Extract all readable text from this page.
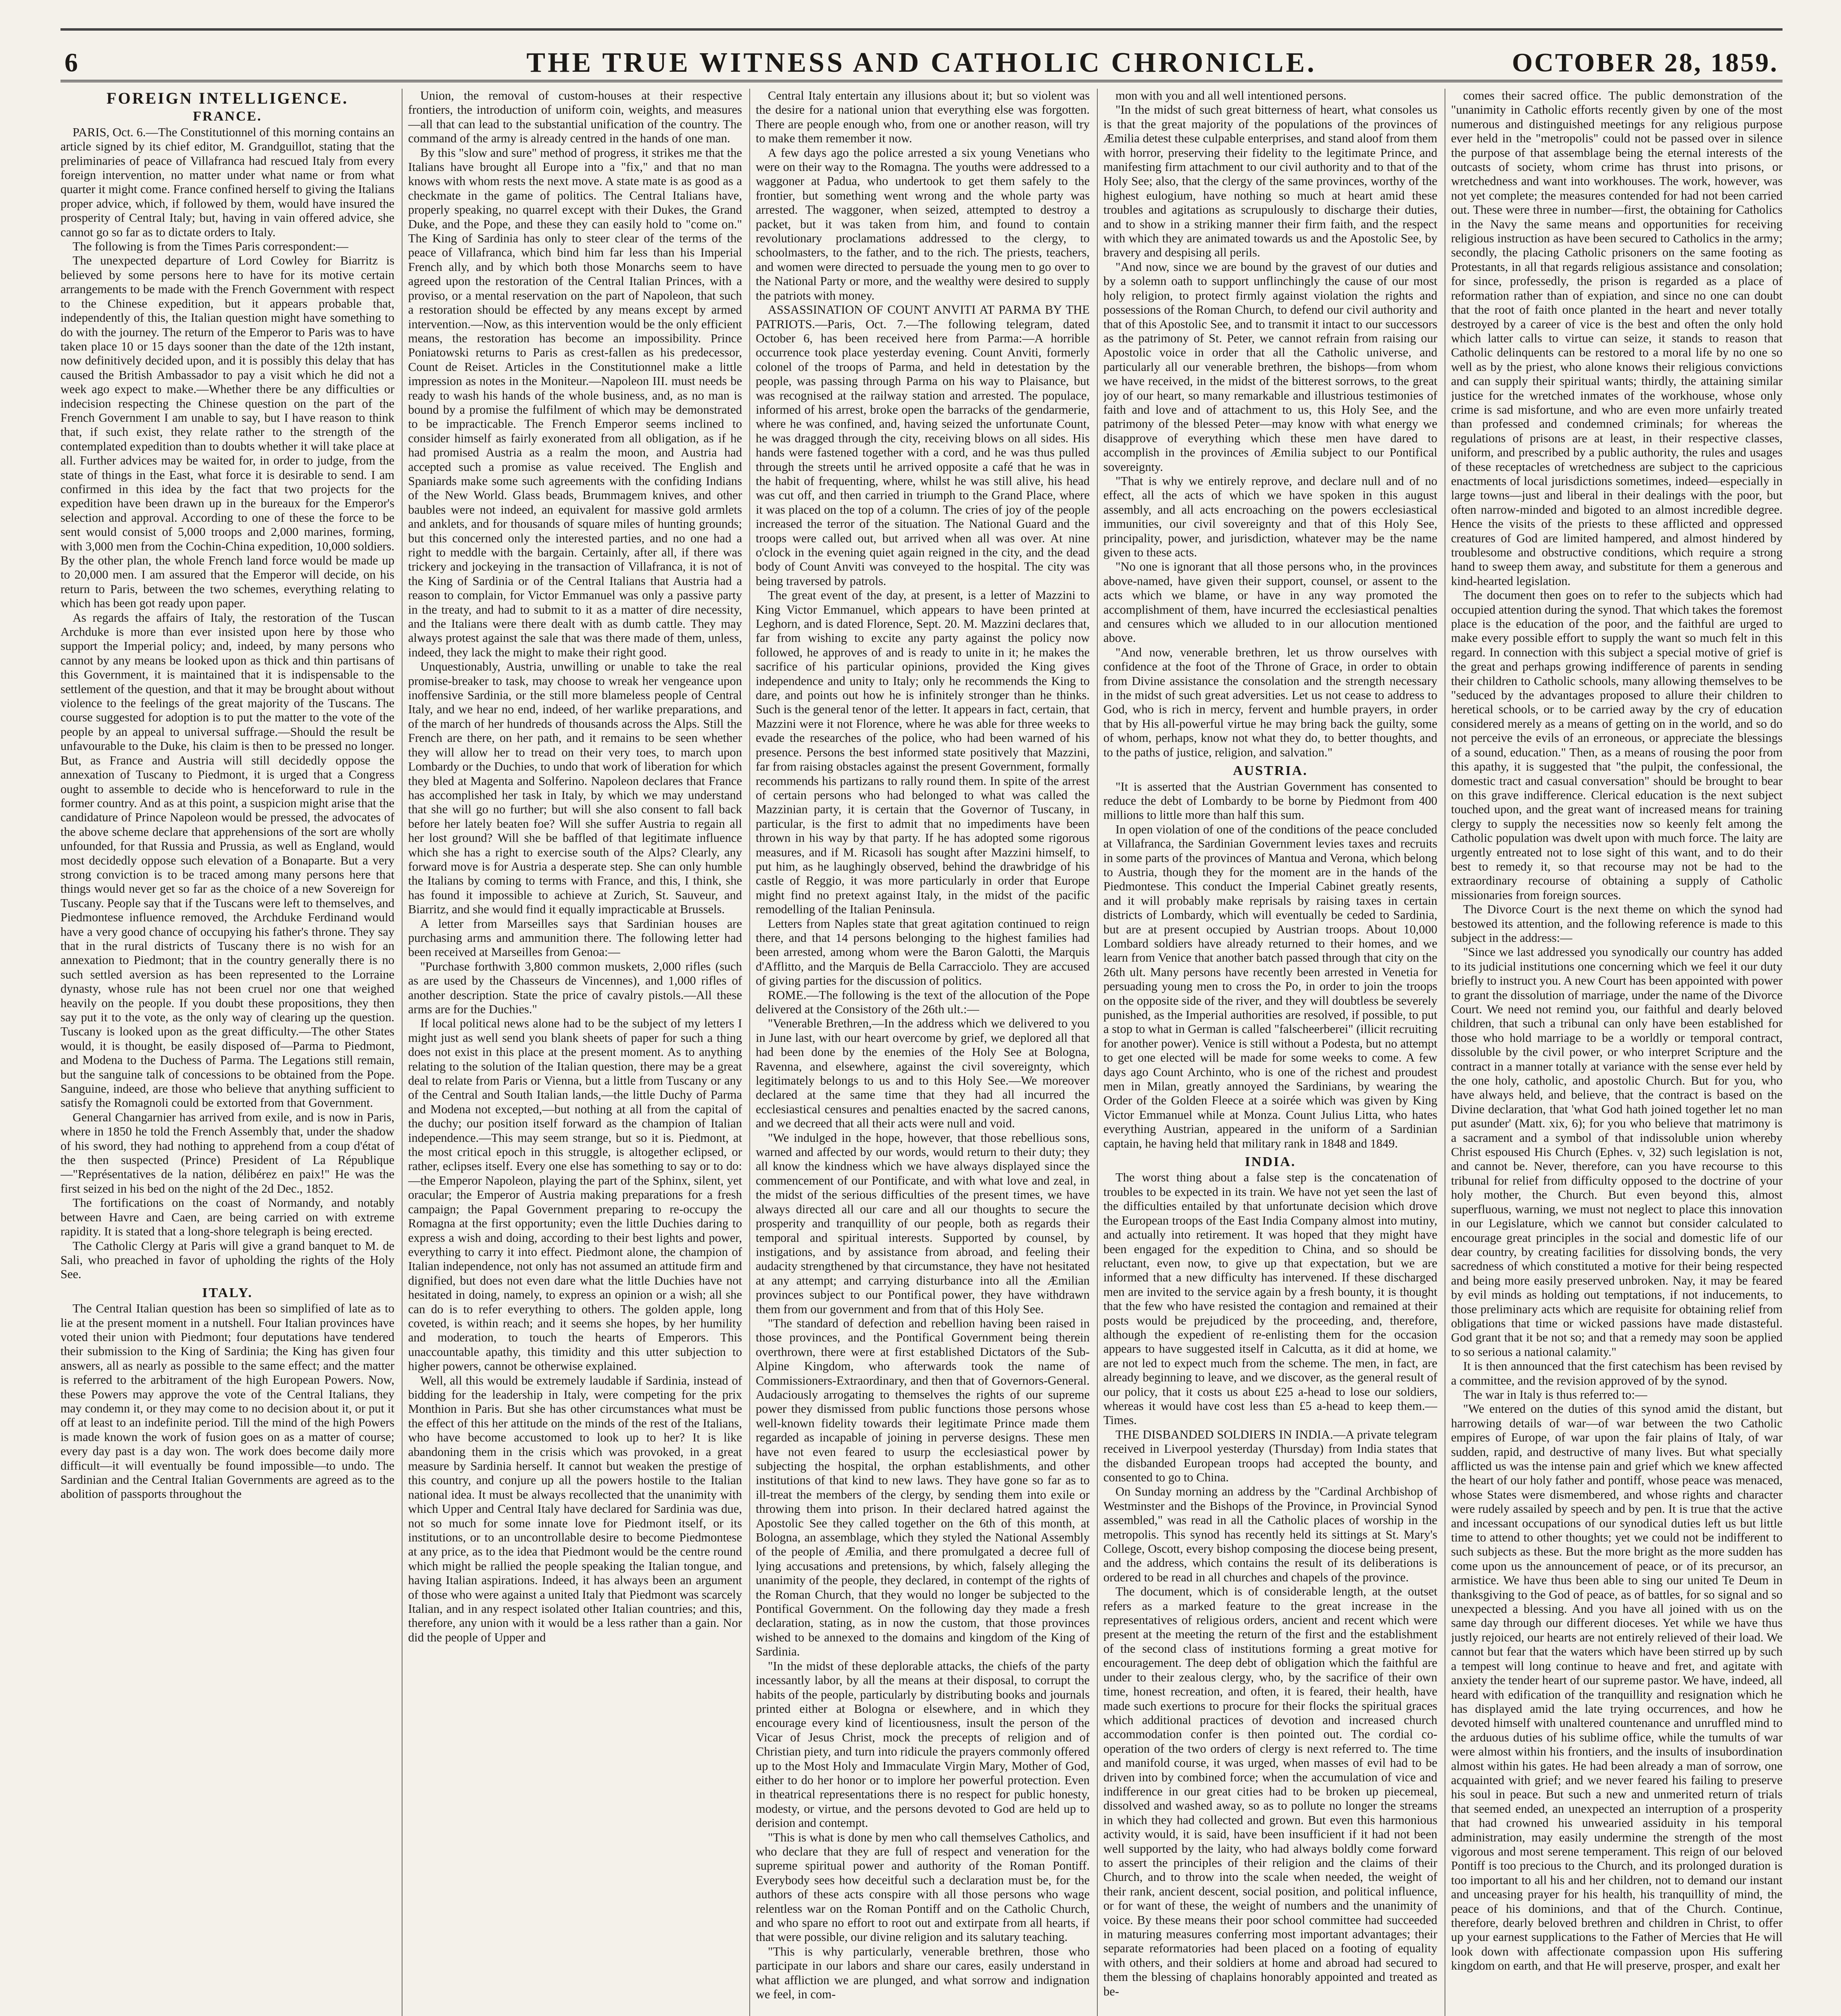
6	THE TRUE WITNESS AND CATHOLIC CHRONICLE.	OCTOBER 28, 1859.
FOREIGN INTELLIGENCE.
FRANCE.

PARIS, Oct. 6.—The Constitutionnel of this morning contains an article signed by its chief editor, M. Grandguillot, stating that the preliminaries of peace of Villafranca had rescued Italy from every foreign intervention, no matter under what name or from what quarter it might come. France confined herself to giving the Italians proper advice, which, if followed by them, would have insured the prosperity of Central Italy; but, having in vain offered advice, she cannot go so far as to dictate orders to Italy.

The following is from the Times Paris correspondent:—

The unexpected departure of Lord Cowley for Biarritz is believed by some persons here to have for its motive certain arrangements to be made with the French Government with respect to the Chinese expedition, but it appears probable that, independently of this, the Italian question might have something to do with the journey. The return of the Emperor to Paris was to have taken place 10 or 15 days sooner than the date of the 12th instant, now definitively decided upon, and it is possibly this delay that has caused the British Ambassador to pay a visit which he did not a week ago expect to make.—Whether there be any difficulties or indecision respecting the Chinese question on the part of the French Government I am unable to say, but I have reason to think that, if such exist, they relate rather to the strength of the contemplated expedition than to doubts whether it will take place at all. Further advices may be waited for, in order to judge, from the state of things in the East, what force it is desirable to send. I am confirmed in this idea by the fact that two projects for the expedition have been drawn up in the bureaux for the Emperor's selection and approval. According to one of these the force to be sent would consist of 5,000 troops and 2,000 marines, forming, with 3,000 men from the Cochin-China expedition, 10,000 soldiers. By the other plan, the whole French land force would be made up to 20,000 men. I am assured that the Emperor will decide, on his return to Paris, between the two schemes, everything relating to which has been got ready upon paper.

As regards the affairs of Italy, the restoration of the Tuscan Archduke is more than ever insisted upon here by those who support the Imperial policy; and, indeed, by many persons who cannot by any means be looked upon as thick and thin partisans of this Government, it is maintained that it is indispensable to the settlement of the question, and that it may be brought about without violence to the feelings of the great majority of the Tuscans. The course suggested for adoption is to put the matter to the vote of the people by an appeal to universal suffrage.—Should the result be unfavourable to the Duke, his claim is then to be pressed no longer. But, as France and Austria will still decidedly oppose the annexation of Tuscany to Piedmont, it is urged that a Congress ought to assemble to decide who is henceforward to rule in the former country. And as at this point, a suspicion might arise that the candidature of Prince Napoleon would be pressed, the advocates of the above scheme declare that apprehensions of the sort are wholly unfounded, for that Russia and Prussia, as well as England, would most decidedly oppose such elevation of a Bonaparte. But a very strong conviction is to be traced among many persons here that things would never get so far as the choice of a new Sovereign for Tuscany. People say that if the Tuscans were left to themselves, and Piedmontese influence removed, the Archduke Ferdinand would have a very good chance of occupying his father's throne. They say that in the rural districts of Tuscany there is no wish for an annexation to Piedmont; that in the country generally there is no such settled aversion as has been represented to the Lorraine dynasty, whose rule has not been cruel nor one that weighed heavily on the people. If you doubt these propositions, they then say put it to the vote, as the only way of clearing up the question. Tuscany is looked upon as the great difficulty.—The other States would, it is thought, be easily disposed of—Parma to Piedmont, and Modena to the Duchess of Parma. The Legations still remain, but the sanguine talk of concessions to be obtained from the Pope. Sanguine, indeed, are those who believe that anything sufficient to satisfy the Romagnoli could be extorted from that Government.

General Changarnier has arrived from exile, and is now in Paris, where in 1850 he told the French Assembly that, under the shadow of his sword, they had nothing to apprehend from a coup d'état of the then suspected (Prince) President of La République—"Représentatives de la nation, délibérez en paix!" He was the first seized in his bed on the night of the 2d Dec., 1852.

The fortifications on the coast of Normandy, and notably between Havre and Caen, are being carried on with extreme rapidity. It is stated that a long-shore telegraph is being erected.

The Catholic Clergy at Paris will give a grand banquet to M. de Sali, who preached in favor of upholding the rights of the Holy See.

ITALY.

The Central Italian question has been so simplified of late as to lie at the present moment in a nutshell. Four Italian provinces have voted their union with Piedmont; four deputations have tendered their submission to the King of Sardinia; the King has given four answers, all as nearly as possible to the same effect; and the matter is referred to the arbitrament of the high European Powers. Now, these Powers may approve the vote of the Central Italians, they may condemn it, or they may come to no decision about it, or put it off at least to an indefinite period. Till the mind of the high Powers is made known the work of fusion goes on as a matter of course; every day past is a day won. The work does become daily more difficult—it will eventually be found impossible—to undo. The Sardinian and the Central Italian Governments are agreed as to the abolition of passports throughout the

Union, the removal of custom-houses at their respective frontiers, the introduction of uniform coin, weights, and measures—all that can lead to the substantial unification of the country. The command of the army is already centred in the hands of one man.

By this "slow and sure" method of progress, it strikes me that the Italians have brought all Europe into a "fix," and that no man knows with whom rests the next move. A state mate is as good as a checkmate in the game of politics. The Central Italians have, properly speaking, no quarrel except with their Dukes, the Grand Duke, and the Pope, and these they can easily hold to "come on." The King of Sardinia has only to steer clear of the terms of the peace of Villafranca, which bind him far less than his Imperial French ally, and by which both those Monarchs seem to have agreed upon the restoration of the Central Italian Princes, with a proviso, or a mental reservation on the part of Napoleon, that such a restoration should be effected by any means except by armed intervention.—Now, as this intervention would be the only efficient means, the restoration has become an impossibility. Prince Poniatowski returns to Paris as crest-fallen as his predecessor, Count de Reiset. Articles in the Constitutionnel make a little impression as notes in the Moniteur.—Napoleon III. must needs be ready to wash his hands of the whole business, and, as no man is bound by a promise the fulfilment of which may be demonstrated to be impracticable. The French Emperor seems inclined to consider himself as fairly exonerated from all obligation, as if he had promised Austria as a realm the moon, and Austria had accepted such a promise as value received. The English and Spaniards make some such agreements with the confiding Indians of the New World. Glass beads, Brummagem knives, and other baubles were not indeed, an equivalent for massive gold armlets and anklets, and for thousands of square miles of hunting grounds; but this concerned only the interested parties, and no one had a right to meddle with the bargain. Certainly, after all, if there was trickery and jockeying in the transaction of Villafranca, it is not of the King of Sardinia or of the Central Italians that Austria had a reason to complain, for Victor Emmanuel was only a passive party in the treaty, and had to submit to it as a matter of dire necessity, and the Italians were there dealt with as dumb cattle. They may always protest against the sale that was there made of them, unless, indeed, they lack the might to make their right good.

Unquestionably, Austria, unwilling or unable to take the real promise-breaker to task, may choose to wreak her vengeance upon inoffensive Sardinia, or the still more blameless people of Central Italy, and we hear no end, indeed, of her warlike preparations, and of the march of her hundreds of thousands across the Alps. Still the French are there, on her path, and it remains to be seen whether they will allow her to tread on their very toes, to march upon Lombardy or the Duchies, to undo that work of liberation for which they bled at Magenta and Solferino. Napoleon declares that France has accomplished her task in Italy, by which we may understand that she will go no further; but will she also consent to fall back before her lately beaten foe? Will she suffer Austria to regain all her lost ground? Will she be baffled of that legitimate influence which she has a right to exercise south of the Alps? Clearly, any forward move is for Austria a desperate step. She can only humble the Italians by coming to terms with France, and this, I think, she has found it impossible to achieve at Zurich, St. Sauveur, and Biarritz, and she would find it equally impracticable at Brussels.

A letter from Marseilles says that Sardinian houses are purchasing arms and ammunition there. The following letter had been received at Marseilles from Genoa:—

"Purchase forthwith 3,800 common muskets, 2,000 rifles (such as are used by the Chasseurs de Vincennes), and 1,000 rifles of another description. State the price of cavalry pistols.—All these arms are for the Duchies."

If local political news alone had to be the subject of my letters I might just as well send you blank sheets of paper for such a thing does not exist in this place at the present moment. As to anything relating to the solution of the Italian question, there may be a great deal to relate from Paris or Vienna, but a little from Tuscany or any of the Central and South Italian lands,—the little Duchy of Parma and Modena not excepted,—but nothing at all from the capital of the duchy; our position itself forward as the champion of Italian independence.—This may seem strange, but so it is. Piedmont, at the most critical epoch in this struggle, is altogether eclipsed, or rather, eclipses itself. Every one else has something to say or to do:—the Emperor Napoleon, playing the part of the Sphinx, silent, yet oracular; the Emperor of Austria making preparations for a fresh campaign; the Papal Government preparing to re-occupy the Romagna at the first opportunity; even the little Duchies daring to express a wish and doing, according to their best lights and power, everything to carry it into effect. Piedmont alone, the champion of Italian independence, not only has not assumed an attitude firm and dignified, but does not even dare what the little Duchies have not hesitated in doing, namely, to express an opinion or a wish; all she can do is to refer everything to others. The golden apple, long coveted, is within reach; and it seems she hopes, by her humility and moderation, to touch the hearts of Emperors. This unaccountable apathy, this timidity and this utter subjection to higher powers, cannot be otherwise explained.

Well, all this would be extremely laudable if Sardinia, instead of bidding for the leadership in Italy, were competing for the prix Monthion in Paris. But she has other circumstances what must be the effect of this her attitude on the minds of the rest of the Italians, who have become accustomed to look up to her? It is like abandoning them in the crisis which was provoked, in a great measure by Sardinia herself. It cannot but weaken the prestige of this country, and conjure up all the powers hostile to the Italian national idea. It must be always recollected that the unanimity with which Upper and Central Italy have declared for Sardinia was due, not so much for some innate love for Piedmont itself, or its institutions, or to an uncontrollable desire to become Piedmontese at any price, as to the idea that Piedmont would be the centre round which might be rallied the people speaking the Italian tongue, and having Italian aspirations. Indeed, it has always been an argument of those who were against a united Italy that Piedmont was scarcely Italian, and in any respect isolated other Italian countries; and this, therefore, any union with it would be a less rather than a gain. Nor did the people of Upper and

Central Italy entertain any illusions about it; but so violent was the desire for a national union that everything else was forgotten. There are people enough who, from one or another reason, will try to make them remember it now.

A few days ago the police arrested a six young Venetians who were on their way to the Romagna. The youths were addressed to a waggoner at Padua, who undertook to get them safely to the frontier, but something went wrong and the whole party was arrested. The waggoner, when seized, attempted to destroy a packet, but it was taken from him, and found to contain revolutionary proclamations addressed to the clergy, to schoolmasters, to the father, and to the rich. The priests, teachers, and women were directed to persuade the young men to go over to the National Party or more, and the wealthy were desired to supply the patriots with money.

ASSASSINATION OF COUNT ANVITI AT PARMA BY THE PATRIOTS.—Paris, Oct. 7.—The following telegram, dated October 6, has been received here from Parma:—A horrible occurrence took place yesterday evening. Count Anviti, formerly colonel of the troops of Parma, and held in detestation by the people, was passing through Parma on his way to Plaisance, but was recognised at the railway station and arrested. The populace, informed of his arrest, broke open the barracks of the gendarmerie, where he was confined, and, having seized the unfortunate Count, he was dragged through the city, receiving blows on all sides. His hands were fastened together with a cord, and he was thus pulled through the streets until he arrived opposite a café that he was in the habit of frequenting, where, whilst he was still alive, his head was cut off, and then carried in triumph to the Grand Place, where it was placed on the top of a column. The cries of joy of the people increased the terror of the situation. The National Guard and the troops were called out, but arrived when all was over. At nine o'clock in the evening quiet again reigned in the city, and the dead body of Count Anviti was conveyed to the hospital. The city was being traversed by patrols.

The great event of the day, at present, is a letter of Mazzini to King Victor Emmanuel, which appears to have been printed at Leghorn, and is dated Florence, Sept. 20. M. Mazzini declares that, far from wishing to excite any party against the policy now followed, he approves of and is ready to unite in it; he makes the sacrifice of his particular opinions, provided the King gives independence and unity to Italy; only he recommends the King to dare, and points out how he is infinitely stronger than he thinks. Such is the general tenor of the letter. It appears in fact, certain, that Mazzini were it not Florence, where he was able for three weeks to evade the researches of the police, who had been warned of his presence. Persons the best informed state positively that Mazzini, far from raising obstacles against the present Government, formally recommends his partizans to rally round them. In spite of the arrest of certain persons who had belonged to what was called the Mazzinian party, it is certain that the Governor of Tuscany, in particular, is the first to admit that no impediments have been thrown in his way by that party. If he has adopted some rigorous measures, and if M. Ricasoli has sought after Mazzini himself, to put him, as he laughingly observed, behind the drawbridge of his castle of Reggio, it was more particularly in order that Europe might find no pretext against Italy, in the midst of the pacific remodelling of the Italian Peninsula.

Letters from Naples state that great agitation continued to reign there, and that 14 persons belonging to the highest families had been arrested, among whom were the Baron Galotti, the Marquis d'Afflitto, and the Marquis de Bella Carracciolo. They are accused of giving parties for the discussion of politics.

ROME.—The following is the text of the allocution of the Pope delivered at the Consistory of the 26th ult.:—

"Venerable Brethren,—In the address which we delivered to you in June last, with our heart overcome by grief, we deplored all that had been done by the enemies of the Holy See at Bologna, Ravenna, and elsewhere, against the civil sovereignty, which legitimately belongs to us and to this Holy See.—We moreover declared at the same time that they had all incurred the ecclesiastical censures and penalties enacted by the sacred canons, and we decreed that all their acts were null and void.

"We indulged in the hope, however, that those rebellious sons, warned and affected by our words, would return to their duty; they all know the kindness which we have always displayed since the commencement of our Pontificate, and with what love and zeal, in the midst of the serious difficulties of the present times, we have always directed all our care and all our thoughts to secure the prosperity and tranquillity of our people, both as regards their temporal and spiritual interests. Supported by counsel, by instigations, and by assistance from abroad, and feeling their audacity strengthened by that circumstance, they have not hesitated at any attempt; and carrying disturbance into all the Æmilian provinces subject to our Pontifical power, they have withdrawn them from our government and from that of this Holy See.

"The standard of defection and rebellion having been raised in those provinces, and the Pontifical Government being therein overthrown, there were at first established Dictators of the Sub-Alpine Kingdom, who afterwards took the name of Commissioners-Extraordinary, and then that of Governors-General. Audaciously arrogating to themselves the rights of our supreme power they dismissed from public functions those persons whose well-known fidelity towards their legitimate Prince made them regarded as incapable of joining in perverse designs. These men have not even feared to usurp the ecclesiastical power by subjecting the hospital, the orphan establishments, and other institutions of that kind to new laws. They have gone so far as to ill-treat the members of the clergy, by sending them into exile or throwing them into prison. In their declared hatred against the Apostolic See they called together on the 6th of this month, at Bologna, an assemblage, which they styled the National Assembly of the people of Æmilia, and there promulgated a decree full of lying accusations and pretensions, by which, falsely alleging the unanimity of the people, they declared, in contempt of the rights of the Roman Church, that they would no longer be subjected to the Pontifical Government. On the following day they made a fresh declaration, stating, as in now the custom, that those provinces wished to be annexed to the domains and kingdom of the King of Sardinia.

"In the midst of these deplorable attacks, the chiefs of the party incessantly labor, by all the means at their disposal, to corrupt the habits of the people, particularly by distributing books and journals printed either at Bologna or elsewhere, and in which they encourage every kind of licentiousness, insult the person of the Vicar of Jesus Christ, mock the precepts of religion and of Christian piety, and turn into ridicule the prayers commonly offered up to the Most Holy and Immaculate Virgin Mary, Mother of God, either to do her honor or to implore her powerful protection. Even in theatrical representations there is no respect for public honesty, modesty, or virtue, and the persons devoted to God are held up to derision and contempt.

"This is what is done by men who call themselves Catholics, and who declare that they are full of respect and veneration for the supreme spiritual power and authority of the Roman Pontiff. Everybody sees how deceitful such a declaration must be, for the authors of these acts conspire with all those persons who wage relentless war on the Roman Pontiff and on the Catholic Church, and who spare no effort to root out and extirpate from all hearts, if that were possible, our divine religion and its salutary teaching.

"This is why particularly, venerable brethren, those who participate in our labors and share our cares, easily understand in what affliction we are plunged, and what sorrow and indignation we feel, in com-

mon with you and all well intentioned persons.

"In the midst of such great bitterness of heart, what consoles us is that the great majority of the populations of the provinces of Æmilia detest these culpable enterprises, and stand aloof from them with horror, preserving their fidelity to the legitimate Prince, and manifesting firm attachment to our civil authority and to that of the Holy See; also, that the clergy of the same provinces, worthy of the highest eulogium, have nothing so much at heart amid these troubles and agitations as scrupulously to discharge their duties, and to show in a striking manner their firm faith, and the respect with which they are animated towards us and the Apostolic See, by bravery and despising all perils.

"And now, since we are bound by the gravest of our duties and by a solemn oath to support unflinchingly the cause of our most holy religion, to protect firmly against violation the rights and possessions of the Roman Church, to defend our civil authority and that of this Apostolic See, and to transmit it intact to our successors as the patrimony of St. Peter, we cannot refrain from raising our Apostolic voice in order that all the Catholic universe, and particularly all our venerable brethren, the bishops—from whom we have received, in the midst of the bitterest sorrows, to the great joy of our heart, so many remarkable and illustrious testimonies of faith and love and of attachment to us, this Holy See, and the patrimony of the blessed Peter—may know with what energy we disapprove of everything which these men have dared to accomplish in the provinces of Æmilia subject to our Pontifical sovereignty.

"That is why we entirely reprove, and declare null and of no effect, all the acts of which we have spoken in this august assembly, and all acts encroaching on the powers ecclesiastical immunities, our civil sovereignty and that of this Holy See, principality, power, and jurisdiction, whatever may be the name given to these acts.

"No one is ignorant that all those persons who, in the provinces above-named, have given their support, counsel, or assent to the acts which we blame, or have in any way promoted the accomplishment of them, have incurred the ecclesiastical penalties and censures which we alluded to in our allocution mentioned above.

"And now, venerable brethren, let us throw ourselves with confidence at the foot of the Throne of Grace, in order to obtain from Divine assistance the consolation and the strength necessary in the midst of such great adversities. Let us not cease to address to God, who is rich in mercy, fervent and humble prayers, in order that by His all-powerful virtue he may bring back the guilty, some of whom, perhaps, know not what they do, to better thoughts, and to the paths of justice, religion, and salvation."

AUSTRIA.

"It is asserted that the Austrian Government has consented to reduce the debt of Lombardy to be borne by Piedmont from 400 millions to little more than half this sum.

In open violation of one of the conditions of the peace concluded at Villafranca, the Sardinian Government levies taxes and recruits in some parts of the provinces of Mantua and Verona, which belong to Austria, though they for the moment are in the hands of the Piedmontese. This conduct the Imperial Cabinet greatly resents, and it will probably make reprisals by raising taxes in certain districts of Lombardy, which will eventually be ceded to Sardinia, but are at present occupied by Austrian troops. About 10,000 Lombard soldiers have already returned to their homes, and we learn from Venice that another batch passed through that city on the 26th ult. Many persons have recently been arrested in Venetia for persuading young men to cross the Po, in order to join the troops on the opposite side of the river, and they will doubtless be severely punished, as the Imperial authorities are resolved, if possible, to put a stop to what in German is called "falscheerberei" (illicit recruiting for another power). Venice is still without a Podesta, but no attempt to get one elected will be made for some weeks to come. A few days ago Count Archinto, who is one of the richest and proudest men in Milan, greatly annoyed the Sardinians, by wearing the Order of the Golden Fleece at a soirée which was given by King Victor Emmanuel while at Monza. Count Julius Litta, who hates everything Austrian, appeared in the uniform of a Sardinian captain, he having held that military rank in 1848 and 1849.

INDIA.

The worst thing about a false step is the concatenation of troubles to be expected in its train. We have not yet seen the last of the difficulties entailed by that unfortunate decision which drove the European troops of the East India Company almost into mutiny, and actually into retirement. It was hoped that they might have been engaged for the expedition to China, and so should be reluctant, even now, to give up that expectation, but we are informed that a new difficulty has intervened. If these discharged men are invited to the service again by a fresh bounty, it is thought that the few who have resisted the contagion and remained at their posts would be prejudiced by the proceeding, and, therefore, although the expedient of re-enlisting them for the occasion appears to have suggested itself in Calcutta, as it did at home, we are not led to expect much from the scheme. The men, in fact, are already beginning to leave, and we discover, as the general result of our policy, that it costs us about £25 a-head to lose our soldiers, whereas it would have cost less than £5 a-head to keep them.—Times.

THE DISBANDED SOLDIERS IN INDIA.—A private telegram received in Liverpool yesterday (Thursday) from India states that the disbanded European troops had accepted the bounty, and consented to go to China.

On Sunday morning an address by the "Cardinal Archbishop of Westminster and the Bishops of the Province, in Provincial Synod assembled," was read in all the Catholic places of worship in the metropolis. This synod has recently held its sittings at St. Mary's College, Oscott, every bishop composing the diocese being present, and the address, which contains the result of its deliberations is ordered to be read in all churches and chapels of the province.

The document, which is of considerable length, at the outset refers as a marked feature to the great increase in the representatives of religious orders, ancient and recent which were present at the meeting the return of the first and the establishment of the second class of institutions forming a great motive for encouragement. The deep debt of obligation which the faithful are under to their zealous clergy, who, by the sacrifice of their own time, honest recreation, and often, it is feared, their health, have made such exertions to procure for their flocks the spiritual graces which additional practices of devotion and increased church accommodation confer is then pointed out. The cordial co-operation of the two orders of clergy is next referred to. The time and manifold course, it was urged, when masses of evil had to be driven into by combined force; when the accumulation of vice and indifference in our great cities had to be broken up piecemeal, dissolved and washed away, so as to pollute no longer the streams in which they had collected and grown. But even this harmonious activity would, it is said, have been insufficient if it had not been well supported by the laity, who had always boldly come forward to assert the principles of their religion and the claims of their Church, and to throw into the scale when needed, the weight of their rank, ancient descent, social position, and political influence, or for want of these, the weight of numbers and the unanimity of voice. By these means their poor school committee had succeeded in maturing measures conferring most important advantages; their separate reformatories had been placed on a footing of equality with others, and their soldiers at home and abroad had secured to them the blessing of chaplains honorably appointed and treated as be-

comes their sacred office. The public demonstration of the "unanimity in Catholic efforts recently given by one of the most numerous and distinguished meetings for any religious purpose ever held in the "metropolis" could not be passed over in silence the purpose of that assemblage being the eternal interests of the outcasts of society, whom crime has thrust into prisons, or wretchedness and want into workhouses. The work, however, was not yet complete; the measures contended for had not been carried out. These were three in number—first, the obtaining for Catholics in the Navy the same means and opportunities for receiving religious instruction as have been secured to Catholics in the army; secondly, the placing Catholic prisoners on the same footing as Protestants, in all that regards religious assistance and consolation; for since, professedly, the prison is regarded as a place of reformation rather than of expiation, and since no one can doubt that the root of faith once planted in the heart and never totally destroyed by a career of vice is the best and often the only hold which latter calls to virtue can seize, it stands to reason that Catholic delinquents can be restored to a moral life by no one so well as by the priest, who alone knows their religious convictions and can supply their spiritual wants; thirdly, the attaining similar justice for the wretched inmates of the workhouse, whose only crime is sad misfortune, and who are even more unfairly treated than professed and condemned criminals; for whereas the regulations of prisons are at least, in their respective classes, uniform, and prescribed by a public authority, the rules and usages of these receptacles of wretchedness are subject to the capricious enactments of local jurisdictions sometimes, indeed—especially in large towns—just and liberal in their dealings with the poor, but often narrow-minded and bigoted to an almost incredible degree. Hence the visits of the priests to these afflicted and oppressed creatures of God are limited hampered, and almost hindered by troublesome and obstructive conditions, which require a strong hand to sweep them away, and substitute for them a generous and kind-hearted legislation.

The document then goes on to refer to the subjects which had occupied attention during the synod. That which takes the foremost place is the education of the poor, and the faithful are urged to make every possible effort to supply the want so much felt in this regard. In connection with this subject a special motive of grief is the great and perhaps growing indifference of parents in sending their children to Catholic schools, many allowing themselves to be "seduced by the advantages proposed to allure their children to heretical schools, or to be carried away by the cry of education considered merely as a means of getting on in the world, and so do not perceive the evils of an erroneous, or appreciate the blessings of a sound, education." Then, as a means of rousing the poor from this apathy, it is suggested that "the pulpit, the confessional, the domestic tract and casual conversation" should be brought to bear on this grave indifference. Clerical education is the next subject touched upon, and the great want of increased means for training clergy to supply the necessities now so keenly felt among the Catholic population was dwelt upon with much force. The laity are urgently entreated not to lose sight of this want, and to do their best to remedy it, so that recourse may not be had to the extraordinary recourse of obtaining a supply of Catholic missionaries from foreign sources.

The Divorce Court is the next theme on which the synod had bestowed its attention, and the following reference is made to this subject in the address:—

"Since we last addressed you synodically our country has added to its judicial institutions one concerning which we feel it our duty briefly to instruct you. A new Court has been appointed with power to grant the dissolution of marriage, under the name of the Divorce Court. We need not remind you, our faithful and dearly beloved children, that such a tribunal can only have been established for those who hold marriage to be a worldly or temporal contract, dissoluble by the civil power, or who interpret Scripture and the contract in a manner totally at variance with the sense ever held by the one holy, catholic, and apostolic Church. But for you, who have always held, and believe, that the contract is based on the Divine declaration, that 'what God hath joined together let no man put asunder' (Matt. xix, 6); for you who believe that matrimony is a sacrament and a symbol of that indissoluble union whereby Christ espoused His Church (Ephes. v, 32) such legislation is not, and cannot be. Never, therefore, can you have recourse to this tribunal for relief from difficulty opposed to the doctrine of your holy mother, the Church. But even beyond this, almost superfluous, warning, we must not neglect to place this innovation in our Legislature, which we cannot but consider calculated to encourage great principles in the social and domestic life of our dear country, by creating facilities for dissolving bonds, the very sacredness of which constituted a motive for their being respected and being more easily preserved unbroken. Nay, it may be feared by evil minds as holding out temptations, if not inducements, to those preliminary acts which are requisite for obtaining relief from obligations that time or wicked passions have made distasteful. God grant that it be not so; and that a remedy may soon be applied to so serious a national calamity."

It is then announced that the first catechism has been revised by a committee, and the revision approved of by the synod.

The war in Italy is thus referred to:—

"We entered on the duties of this synod amid the distant, but harrowing details of war—of war between the two Catholic empires of Europe, of war upon the fair plains of Italy, of war sudden, rapid, and destructive of many lives. But what specially afflicted us was the intense pain and grief which we knew affected the heart of our holy father and pontiff, whose peace was menaced, whose States were dismembered, and whose rights and character were rudely assailed by speech and by pen. It is true that the active and incessant occupations of our synodical duties left us but little time to attend to other thoughts; yet we could not be indifferent to such subjects as these. But the more bright as the more sudden has come upon us the announcement of peace, or of its precursor, an armistice. We have thus been able to sing our united Te Deum in thanksgiving to the God of peace, as of battles, for so signal and so unexpected a blessing. And you have all joined with us on the same day through our different dioceses. Yet while we have thus justly rejoiced, our hearts are not entirely relieved of their load. We cannot but fear that the waters which have been stirred up by such a tempest will long continue to heave and fret, and agitate with anxiety the tender heart of our supreme pastor. We have, indeed, all heard with edification of the tranquillity and resignation which he has displayed amid the late trying occurrences, and how he devoted himself with unaltered countenance and unruffled mind to the arduous duties of his sublime office, while the tumults of war were almost within his frontiers, and the insults of insubordination almost within his gates. He had been already a man of sorrow, one acquainted with grief; and we never feared his failing to preserve his soul in peace. But such a new and unmerited return of trials that seemed ended, an unexpected an interruption of a prosperity that had crowned his unwearied assiduity in his temporal administration, may easily undermine the strength of the most vigorous and most serene temperament. This reign of our beloved Pontiff is too precious to the Church, and its prolonged duration is too important to all his and her children, not to demand our instant and unceasing prayer for his health, his tranquillity of mind, the peace of his dominions, and that of the Church. Continue, therefore, dearly beloved brethren and children in Christ, to offer up your earnest supplications to the Father of Mercies that He will look down with affectionate compassion upon His suffering kingdom on earth, and that He will preserve, prosper, and exalt her
